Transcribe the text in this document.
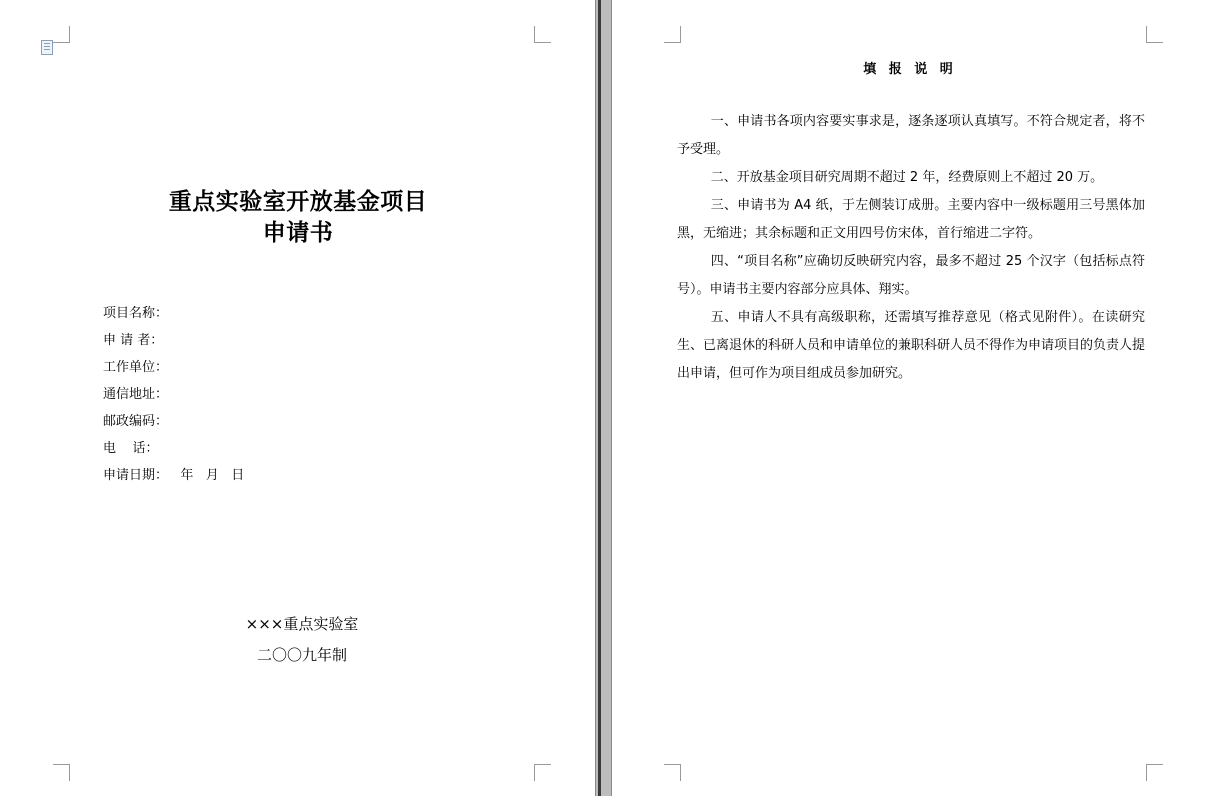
重点实验室开放基金项目
申请书
项目名称：
申 请 者：
工作单位：
通信地址：
邮政编码：
电    话：
申请日期：   年   月   日
×××重点实验室
二〇〇九年制
填 报 说 明

一、申请书各项内容要实事求是，逐条逐项认真填写。不符合规定者，将不予受理。

二、开放基金项目研究周期不超过 2 年，经费原则上不超过 20 万。

三、申请书为 A4 纸，于左侧装订成册。主要内容中一级标题用三号黑体加黑，无缩进；其余标题和正文用四号仿宋体，首行缩进二字符。

四、“项目名称”应确切反映研究内容，最多不超过 25 个汉字（包括标点符号）。申请书主要内容部分应具体、翔实。

五、申请人不具有高级职称，还需填写推荐意见（格式见附件）。在读研究生、已离退休的科研人员和申请单位的兼职科研人员不得作为申请项目的负责人提出申请，但可作为项目组成员参加研究。
